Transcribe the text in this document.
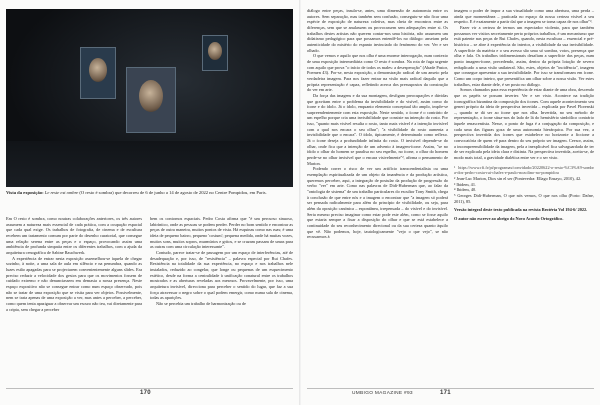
Vista da exposição: Le reste est ombre (O resto é sombra) que decorreu de 6 de junho a 14 de agosto de 2022 no Centre Pompidou, em Paris.

Em O resto é sombra, como noutras colaborações anteriores, os três autores assumem a natureza mais essencial de cada prática, com a ocupação espacial que cada qual exige. Os trabalhos de fotografia, de cinema e de escultura recebem um tratamento comum por parte do desenho curatorial, que consegue uma relação serena entre as peças e o espaço, provocando assim uma ambiência de profunda simpatia entre os diferentes trabalhos, com a ajuda da arquitetura cenográfica de Sabine Rauchwerk.

A experiência de entrar nesta exposição assemelhou-se àquela de chegar sozinho, à noite, a uma sala de aula em silêncio e na penumbra, quando as luzes estão apagadas para se projectarem convenientemente alguns slides. Era preciso reduzir a velocidade dos gestos para que os movimentos fossem de cuidado extremo e não denunciassem em demasia a nossa presença. Neste espaço expositivo não se consegue entrar como num espaço observado, pois não se tratar de uma exposição que se visita para ver objetos. Possivelmente, nem se trata apenas de uma exposição a ver, mas antes a perceber, a perceber, como quem tenta apaziguar a observar um escuro não teu, vai diretamente para a cripta, sem chegar a perceber

bem os contornos espaciais. Pedro Costa afirma que "é um percurso sinuoso, labiríntico, onde as pessoas se podem perder. Perder no bom sentido e encontrar as peças de outra maneira, muitos pontos de vista. Há esquinas como nas ruas; é uma ideia de pequeno bairro, pequeno 'costum'; pequena medida, onde há muitas vozes, muitos sons, muitos sopros, murmúrios e gritos, e se cruzam passam de umas para as outras com uma circulação interessante".

Contudo, parece tratar-se de passagem por um espaço de interferências, até de desadequação e, por isso, de "resistência" – palavra especial por Rui Chafes. Resistência na totalidade da sua experiência, no espaço e nos trabalhos nele instalados, reduzido ao congelar, que longe ou pequenas de um esquecimento estético, desde na forma a centralidade à unificação conatural entre os trabalhos mostrados e as aberturas reveladas aos mesmos. Provavelmente, por isso, uma arquitetura invisível, direcciona para perceber o sentido do lugar, que faz a sua força atravessar o negro sobre o qual podem emergir, como numa sala de cinema, todas as aparições.

Não se percebia um trabalho de harmonização ou de

diálogo entre peças, insula-se, antes, uma dimensão de autonomia entre os autores. Sem separação, mas também sem confusão, conseguiu-se não ficar uma espécie de exposição de natureza coletiva, mas cheia de encontros entre as diferenças, sem que se anulassem ou provocassem sem adequações entre si. Os trabalhos destes artistas não querem contar-nos uma história, não assumem um didatismo pedagógico para que possamos entendê-los no diálogo: anseiam pela autenticidade do mistério do espanto invinciado do fenómeno do ver. Ver e ser olhado.

O que vemos e aquilo que nos olha é uma enorme interrogação, num contexto de uma exposição intermediária como O resto é sombra. Na rota de fuga urgente com aquilo que prova "o início de todos os males: a desesperação" (Abade Pastor, Poemen 43). Por-se, nesta exposição, a demonstração radical de um anseio pela verdadeira imagem. Para nos fazer entrar na visão mais radical daquilo que a própria representação é capaz, refletindo acerca dos pressupostos da construção do ver em arte.

Da força das imagens e da sua montagem, desfigam preocupações e dúvidas que gravitam entre o problema da invisibilidade e do visível, assim como do ícone e do ídolo. Já o ídolo, enquanto elemento conceptual tão amplo, impõe-se surpreendentemente com esta exposição. Neste sentido, o ícone é o contrário de um espelho porque cria uma invisibilidade que consiste na intenção do rosto. Por isso, "quanto mais visível resulta o rosto, tanto mais visível é a intenção invisível com a qual nos encara o seu olhar"; "a visibilidade do rosto aumenta a invisibilidade que o encara". O ídolo, tipicamente, é determinado como reflexo. Já o ícone deseja a profundidade infinita do rosto. O invisível depende-se do olhar, onde fica que a intenção de um advento à imagem-ícone. Assim, "se no ídolo o olhar do homem se paralisa no seu espelho, no ícone, o olhar do homem perde-se no olhar invisível que o encara visivelmente"², afirma o pensamento de Marion.

Podendo correr o risco de ver um artifício transcendentalista ou uma exemplação espiritualizada de um objeto da imanência e da produção artística, queremos perceber, aqui, a integração de postular da produção de progressão do verbo "ver" em arte. Como nas palavras de Didi-Huberman que, ao falar da "ontologia de sistema" de um trabalho particulares do escultor Tony Smith, chega à conclusão de que entre nós e a imagem o encontrar que "a imagem só poderá ser pensada radicalmente para além do princípio de visibilidade, ou seja, para além da oposição canónica – espontânea, irrepensada – do visível e do invisível. Seria mesmo preciso imaginar como estar pode este além, como se fosse aquilo que estaria sempre a fixar a disposição do olhar e que se está estabelece a continuidade do seu reconhecimento direcional ou da sua certeza quanto àquilo que vê. Não podemos, hoje, tautologicamente "vejo o que vejo", se não recusarmos à

imagem o poder de impor a sua visualidade como uma abertura, uma perda – ainda que momentânea – praticada no espaço da nossa certeza visível a seu respeito. E é exatamente a partir daí que a imagem se torna capaz de nos olhar"³.

Fazer vir a certeza de termos um espectador violento, para que também possamos ver visitos secretamente perto próprios trabalhos, é um mecanismo que está patente nas peças de Rui Chafes, quando, nesta escultura – essencial e pré-histórica – se abre à experiência do interior, a visibilidade da sua invisibilidade. A superfície da matéria e o seu avesso são uma só sombra, votos, presença que olha e fala. Os trabalhos tridimensionais desafiam a superfície das peças, num ponto imagem-ícone, precedendo, assim, dentro da própria lotação de severo reduplicado a uma visão unilateral. São, estes, objetos de "incidência", imagem que consegue apresentar a sua invisibilidade. Por isso se transformam em ícone. Como um corpo inteiro, que presentifica um olhar sobre a nossa visão. Ver estes trabalhos, estar diante dele, é ser posto no diálogo.

Somos chamados para essa experiência de estar diante de uma obra, descendo que os papéis se possam inverter. Ver e ser visto. Acontece na tradição iconográfica bizantina da composição dos ícones. Com aquele acontecimento seu generi próprio da ideia de perspectiva invertida – explicada por Pavel Florenski –, quando se dá ser ao ícone que nos olha. Invertida, no seu método de representação, o ícone situa-nos do lado de lá do hemisfério simbólico contrário àquele renascentista. Nesse, o ponto de fuga é a conjugação da composição, e cada uma das figuras goza de uma autonomia hierárquica. Por sua vez, a perspectiva invertida dos ícones que estabelece no horizonte a ficcione a convocatória de quem vê para dentro do seu próprio ser imagem. Ceesor, assim, a incompreensibilidade da imagem, pela a inexplicável fica salvaguardada de ter de ser explicada pela ideia clara e distinta. Na perspectiva invertida, aceita-se, de modo mais total, a gravidade dialética entre ver e o ser visto.

¹ https://www.rfi.fr/pt/programas/convidado/20220622-o-resto-%C3%A9-sombra-dos-pedro-costa-rui-chafes-e-paulo-nozolino-no-pompidou

² Jean-Luc Marion, Dios sin el ser (Pontevedra: Ellago Ensayo, 2010), 42.

³ Ibidem, 41.

⁴ Ibidem, 40.

⁵ Georges Didi-Huberman, O que nós vemos, O que nos olha (Porto: Dafne, 2011), 85.

Versão integral deste texto publicada na revista Brotéria Vol 194-6/ 2022.

O autor não escreve ao abrigo do Novo Acordo Ortográfico.

170	UMBIGO MAGAZINE #93	171
